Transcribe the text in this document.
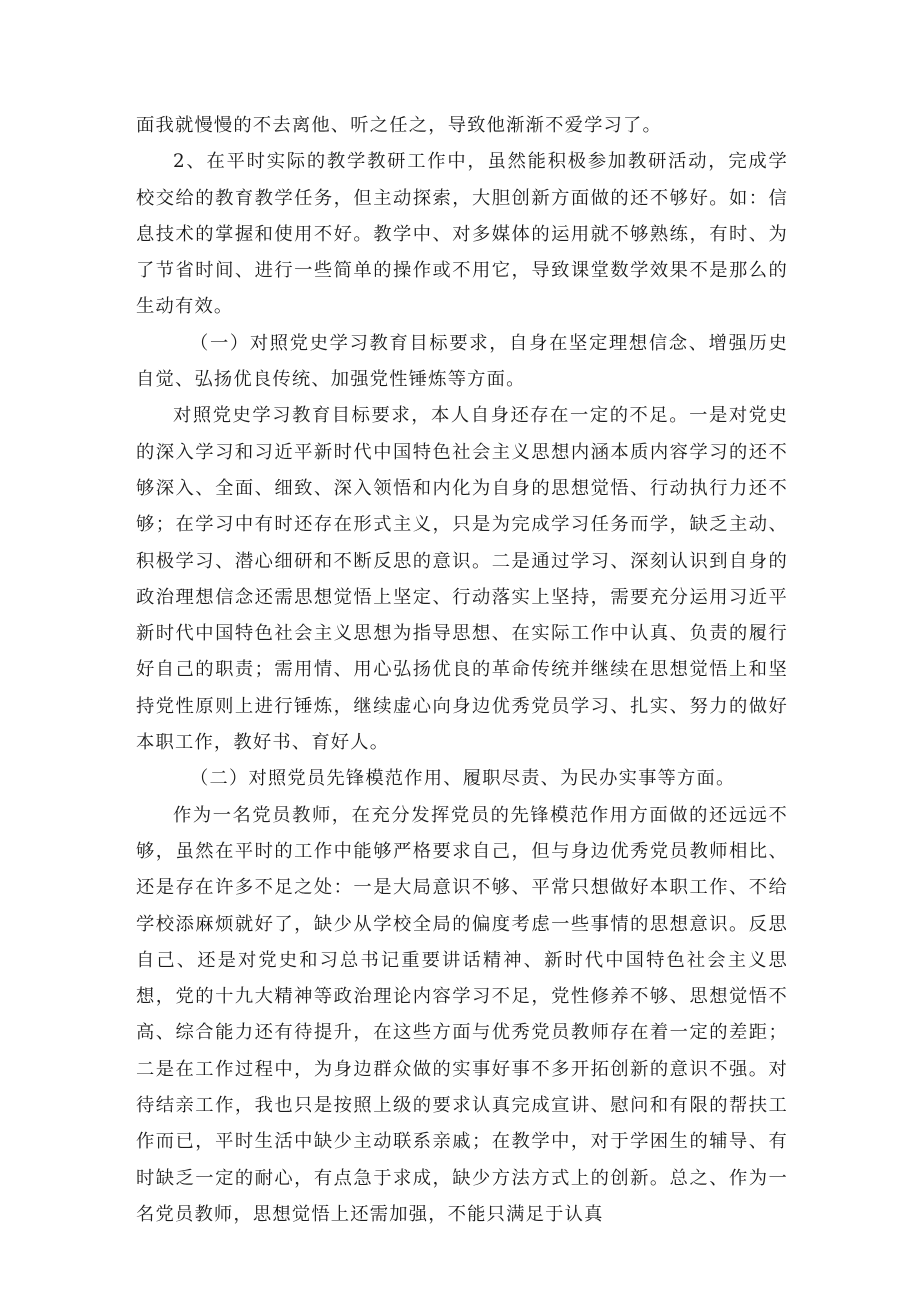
面我就慢慢的不去离他、听之任之，导致他渐渐不爱学习了。

2、在平时实际的教学教研工作中，虽然能积极参加教研活动，完成学校交给的教育教学任务，但主动探索，大胆创新方面做的还不够好。如：信息技术的掌握和使用不好。教学中、对多媒体的运用就不够熟练，有时、为了节省时间、进行一些简单的操作或不用它，导致课堂数学效果不是那么的生动有效。

（一）对照党史学习教育目标要求，自身在坚定理想信念、增强历史自觉、弘扬优良传统、加强党性锤炼等方面。

对照党史学习教育目标要求，本人自身还存在一定的不足。一是对党史的深入学习和习近平新时代中国特色社会主义思想内涵本质内容学习的还不够深入、全面、细致、深入领悟和内化为自身的思想觉悟、行动执行力还不够；在学习中有时还存在形式主义，只是为完成学习任务而学，缺乏主动、积极学习、潜心细研和不断反思的意识。二是通过学习、深刻认识到自身的政治理想信念还需思想觉悟上坚定、行动落实上坚持，需要充分运用习近平新时代中国特色社会主义思想为指导思想、在实际工作中认真、负责的履行好自己的职责；需用情、用心弘扬优良的革命传统并继续在思想觉悟上和坚持党性原则上进行锤炼，继续虚心向身边优秀党员学习、扎实、努力的做好本职工作，教好书、育好人。

（二）对照党员先锋模范作用、履职尽责、为民办实事等方面。

作为一名党员教师，在充分发挥党员的先锋模范作用方面做的还远远不够，虽然在平时的工作中能够严格要求自己，但与身边优秀党员教师相比、还是存在许多不足之处：一是大局意识不够、平常只想做好本职工作、不给学校添麻烦就好了，缺少从学校全局的偏度考虑一些事情的思想意识。反思自己、还是对党史和习总书记重要讲话精神、新时代中国特色社会主义思想，党的十九大精神等政治理论内容学习不足，党性修养不够、思想觉悟不高、综合能力还有待提升，在这些方面与优秀党员教师存在着一定的差距；二是在工作过程中，为身边群众做的实事好事不多开拓创新的意识不强。对待结亲工作，我也只是按照上级的要求认真完成宣讲、慰问和有限的帮扶工作而已，平时生活中缺少主动联系亲戚；在教学中，对于学困生的辅导、有时缺乏一定的耐心，有点急于求成，缺少方法方式上的创新。总之、作为一名党员教师，思想觉悟上还需加强，不能只满足于认真
